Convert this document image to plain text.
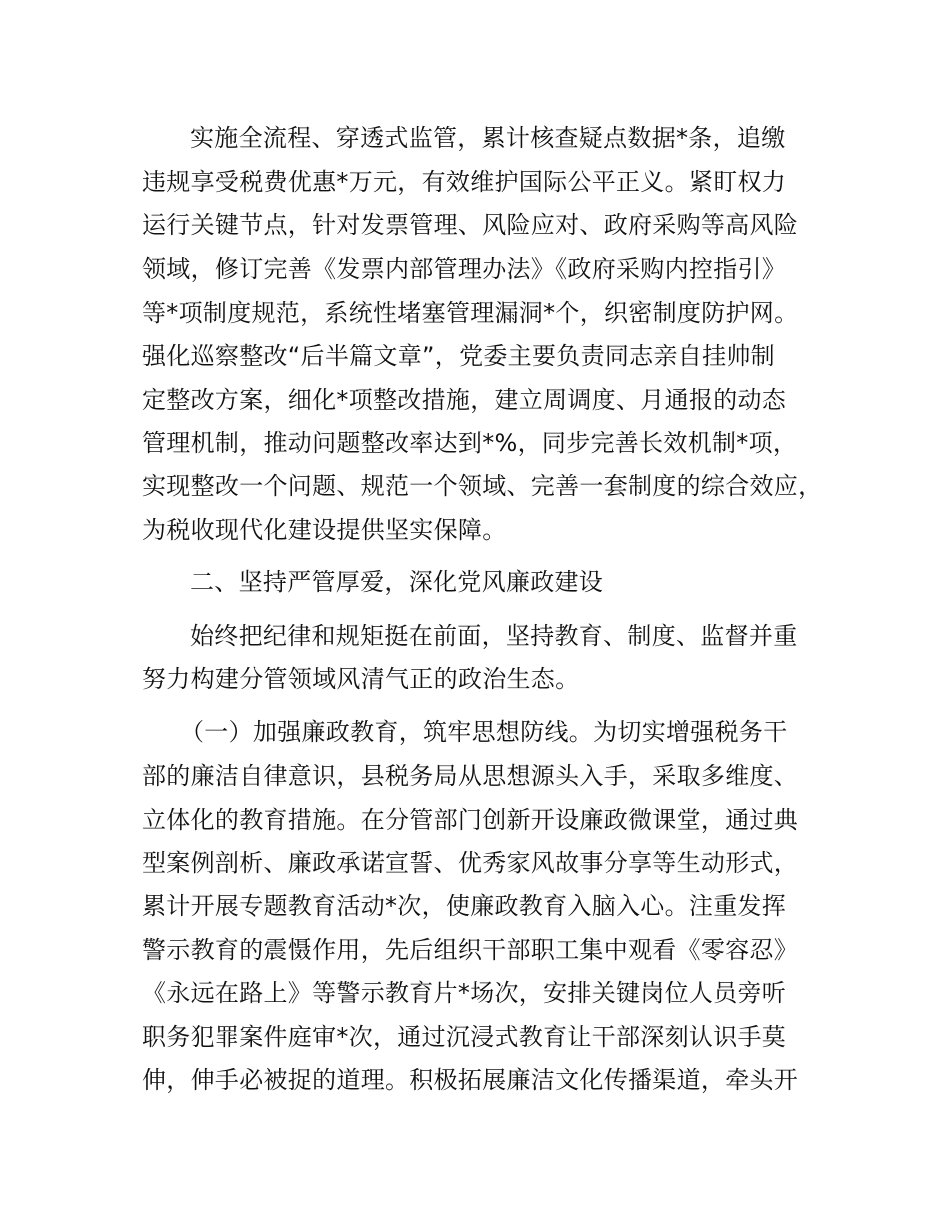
实施全流程、穿透式监管，累计核查疑点数据*条，追缴
违规享受税费优惠*万元，有效维护国际公平正义。紧盯权力
运行关键节点，针对发票管理、风险应对、政府采购等高风险
领域，修订完善《发票内部管理办法》《政府采购内控指引》
等*项制度规范，系统性堵塞管理漏洞*个，织密制度防护网。
强化巡察整改“后半篇文章”，党委主要负责同志亲自挂帅制
定整改方案，细化*项整改措施，建立周调度、月通报的动态
管理机制，推动问题整改率达到*%，同步完善长效机制*项，
实现整改一个问题、规范一个领域、完善一套制度的综合效应，
为税收现代化建设提供坚实保障。
二、坚持严管厚爱，深化党风廉政建设
始终把纪律和规矩挺在前面，坚持教育、制度、监督并重
努力构建分管领域风清气正的政治生态。
（一）加强廉政教育，筑牢思想防线。为切实增强税务干
部的廉洁自律意识，县税务局从思想源头入手，采取多维度、
立体化的教育措施。在分管部门创新开设廉政微课堂，通过典
型案例剖析、廉政承诺宣誓、优秀家风故事分享等生动形式，
累计开展专题教育活动*次，使廉政教育入脑入心。注重发挥
警示教育的震慑作用，先后组织干部职工集中观看《零容忍》
《永远在路上》等警示教育片*场次，安排关键岗位人员旁听
职务犯罪案件庭审*次，通过沉浸式教育让干部深刻认识手莫
伸，伸手必被捉的道理。积极拓展廉洁文化传播渠道，牵头开
